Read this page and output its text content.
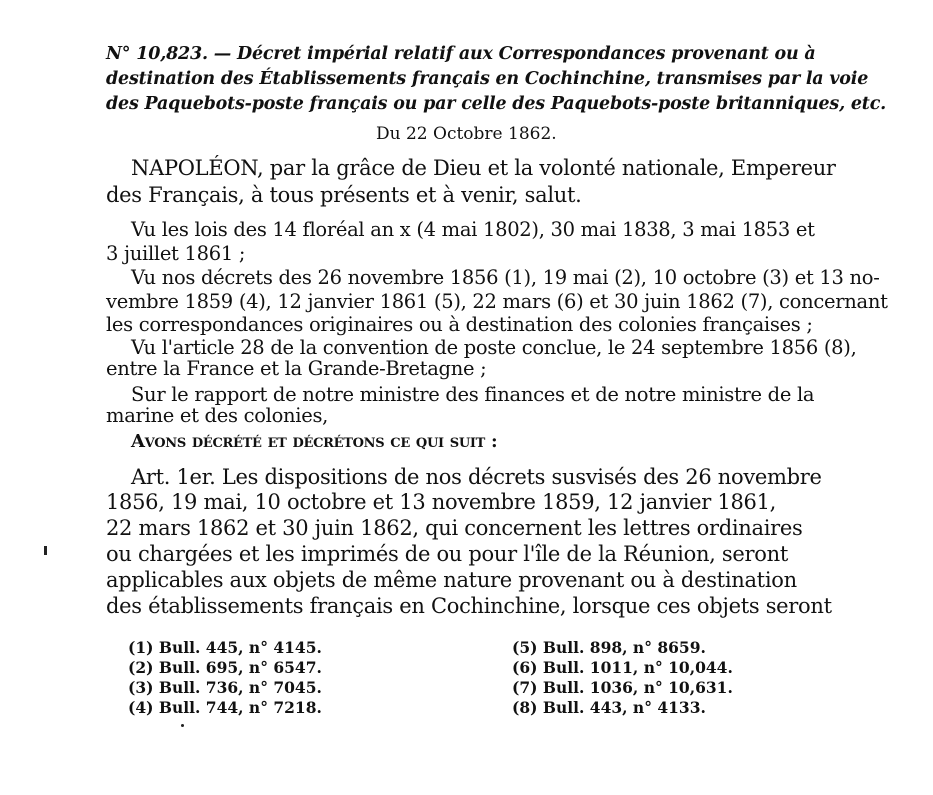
N° 10,823. — Décret impérial relatif aux Correspondances provenant ou à
destination des Établissements français en Cochinchine, transmises par la voie
des Paquebots-poste français ou par celle des Paquebots-poste britanniques, etc.
Du 22 Octobre 1862.
NAPOLÉON, par la grâce de Dieu et la volonté nationale, Empereur
des Français, à tous présents et à venir, salut.
Vu les lois des 14 floréal an x (4 mai 1802), 30 mai 1838, 3 mai 1853 et
3 juillet 1861 ;
Vu nos décrets des 26 novembre 1856 (1), 19 mai (2), 10 octobre (3) et 13 no-
vembre 1859 (4), 12 janvier 1861 (5), 22 mars (6) et 30 juin 1862 (7), concernant
les correspondances originaires ou à destination des colonies françaises ;
Vu l'article 28 de la convention de poste conclue, le 24 septembre 1856 (8),
entre la France et la Grande-Bretagne ;
Sur le rapport de notre ministre des finances et de notre ministre de la
marine et des colonies,
Avons décrété et décrétons ce qui suit :
Art. 1er. Les dispositions de nos décrets susvisés des 26 novembre
1856, 19 mai, 10 octobre et 13 novembre 1859, 12 janvier 1861,
22 mars 1862 et 30 juin 1862, qui concernent les lettres ordinaires
ou chargées et les imprimés de ou pour l'île de la Réunion, seront
applicables aux objets de même nature provenant ou à destination
des établissements français en Cochinchine, lorsque ces objets seront
(1) Bull. 445, n° 4145.
(2) Bull. 695, n° 6547.
(3) Bull. 736, n° 7045.
(4) Bull. 744, n° 7218.
(5) Bull. 898, n° 8659.
(6) Bull. 1011, n° 10,044.
(7) Bull. 1036, n° 10,631.
(8) Bull. 443, n° 4133.
